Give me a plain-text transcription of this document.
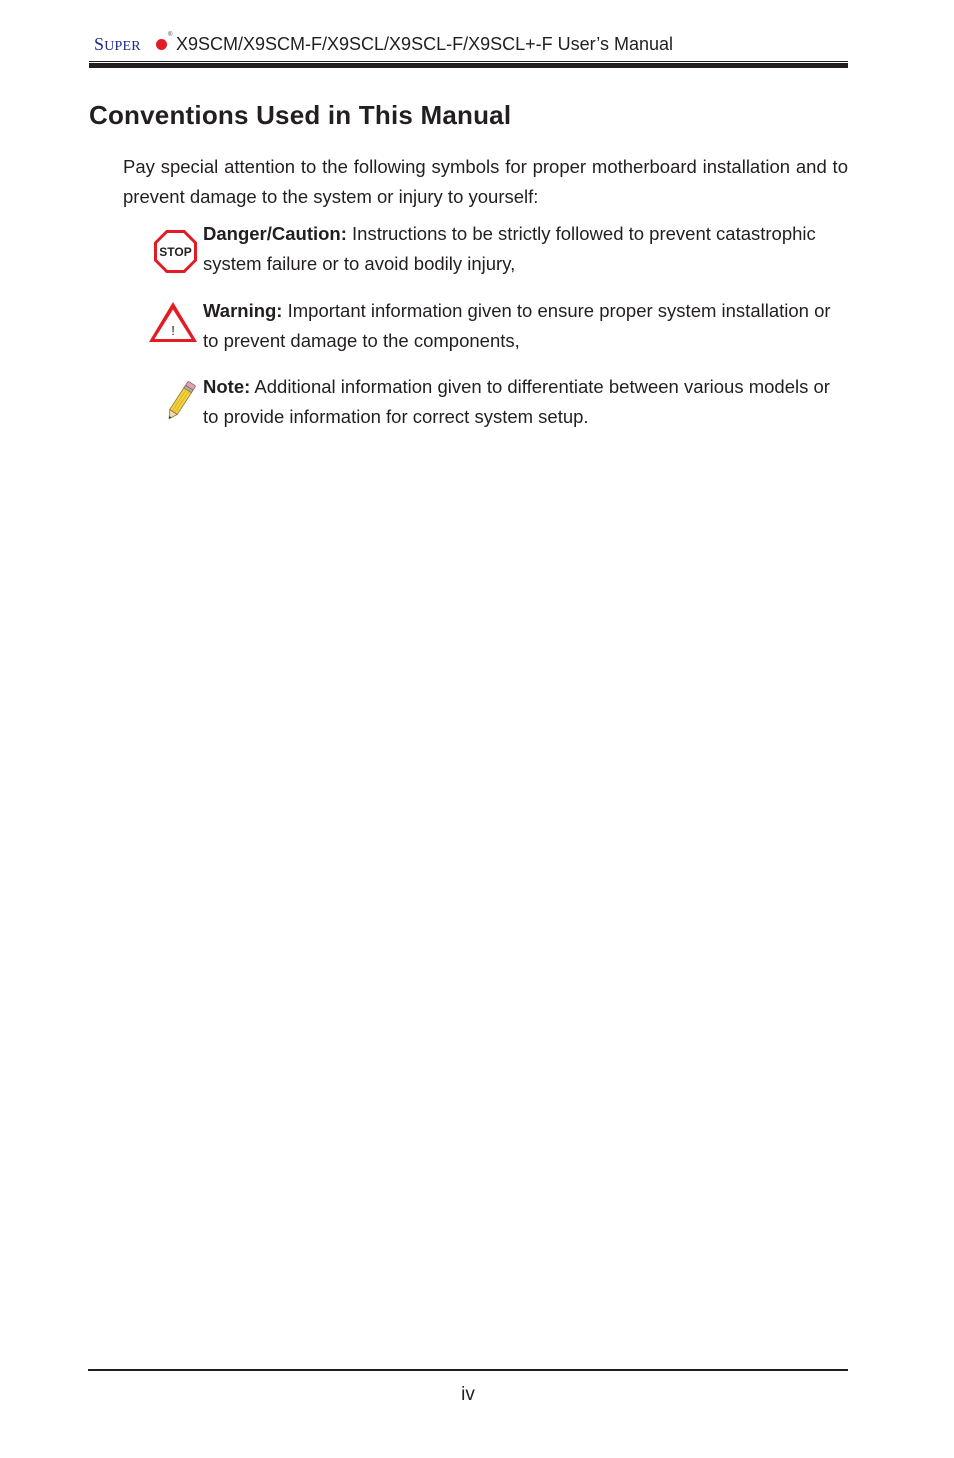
SUPER
® X9SCM/X9SCM-F/X9SCL/X9SCL-F/X9SCL+-F User’s Manual
Conventions Used in This Manual

Pay special attention to the following symbols for proper motherboard installation and to prevent damage to the system or injury to yourself:

STOP

Danger/Caution: Instructions to be strictly followed to prevent catastrophic system failure or to avoid bodily injury,

!

Warning: Important information given to ensure proper system installation or to prevent damage to the components,

Note: Additional information given to differentiate between various models or to provide information for correct system setup.

iv
